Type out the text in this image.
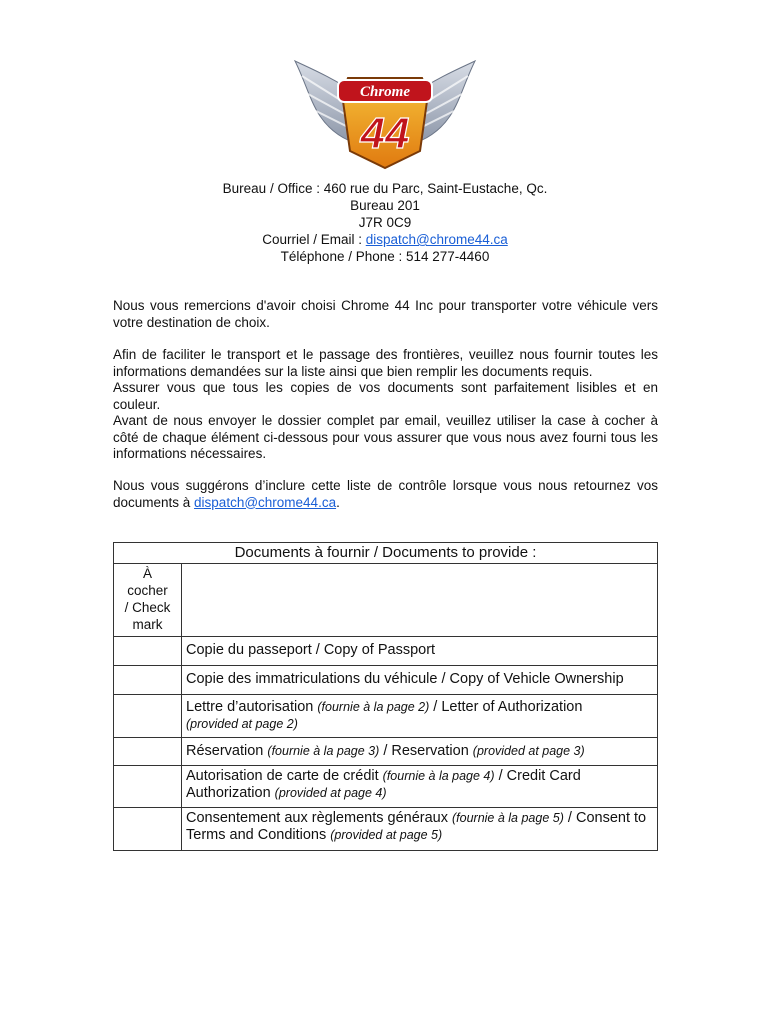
Chrome
44
Bureau / Office : 460 rue du Parc, Saint-Eustache, Qc.
Bureau 201
J7R 0C9
Courriel / Email : dispatch@chrome44.ca
Téléphone / Phone : 514 277-4460

Nous vous remercions d'avoir choisi Chrome 44 Inc pour transporter votre véhicule vers votre destination de choix.

Afin de faciliter le transport et le passage des frontières, veuillez nous fournir toutes les informations demandées sur la liste ainsi que bien remplir les documents requis.

Assurer vous que tous les copies de vos documents sont parfaitement lisibles et en couleur.

Avant de nous envoyer le dossier complet par email, veuillez utiliser la case à cocher à côté de chaque élément ci-dessous pour vous assurer que vous nous avez fourni tous les informations nécessaires.

Nous vous suggérons d’inclure cette liste de contrôle lorsque vous nous retournez vos documents à dispatch@chrome44.ca.

Documents à fournir / Documents to provide :	

À
cocher
/ Check
mark	

	Copie du passeport / Copy of Passport
	Copie des immatriculations du véhicule / Copy of Vehicle Ownership
	Lettre d’autorisation (fournie à la page 2) / Letter of Authorization
(provided at page 2)
	Réservation (fournie à la page 3) / Reservation (provided at page 3)
	Autorisation de carte de crédit (fournie à la page 4) / Credit Card Authorization (provided at page 4)
	Consentement aux règlements généraux (fournie à la page 5) / Consent to Terms and Conditions (provided at page 5)
